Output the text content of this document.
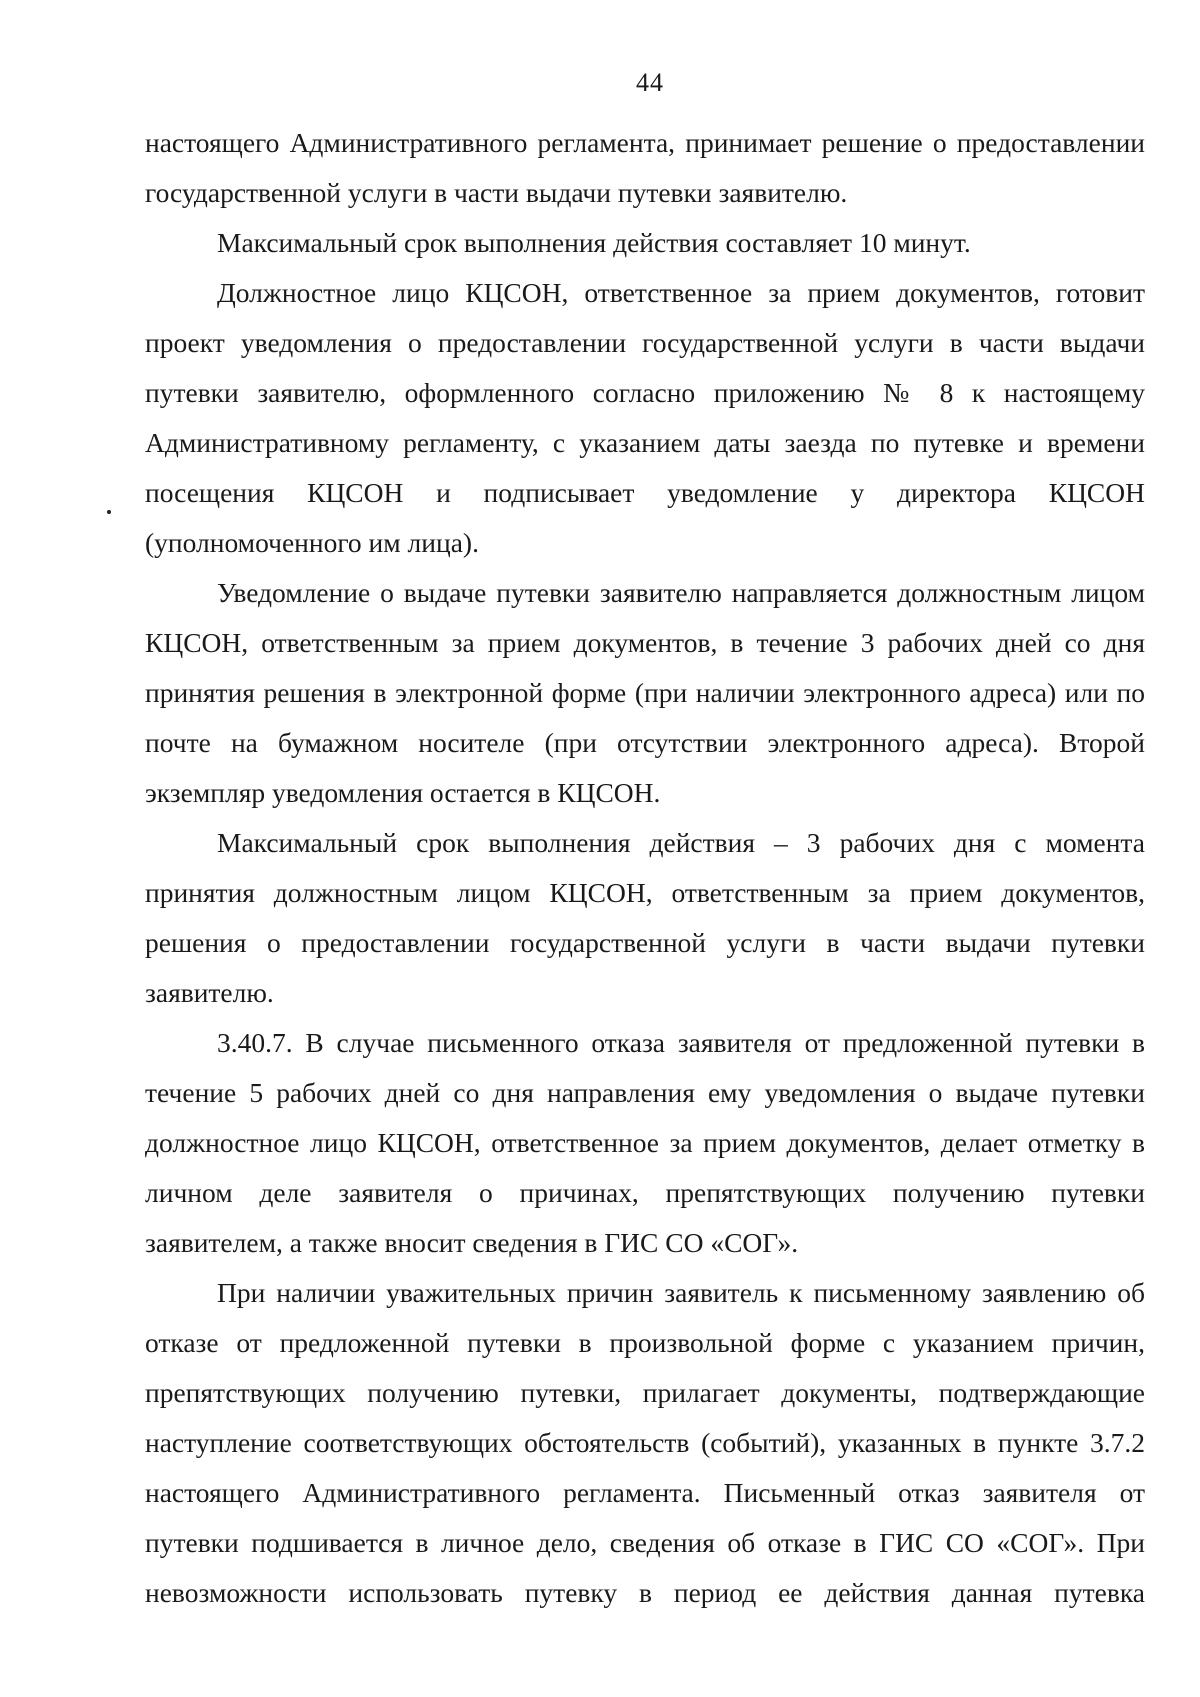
44

настоящего Административного регламента, принимает решение о предоставлении государственной услуги в части выдачи путевки заявителю.

Максимальный срок выполнения действия составляет 10 минут.

Должностное лицо КЦСОН, ответственное за прием документов, готовит проект уведомления о предоставлении государственной услуги в части выдачи путевки заявителю, оформленного согласно приложению № 8 к настоящему Административному регламенту, с указанием даты заезда по путевке и времени посещения КЦСОН и подписывает уведомление у директора КЦСОН (уполномоченного им лица).

Уведомление о выдаче путевки заявителю направляется должностным лицом КЦСОН, ответственным за прием документов, в течение 3 рабочих дней со дня принятия решения в электронной форме (при наличии электронного адреса) или по почте на бумажном носителе (при отсутствии электронного адреса). Второй экземпляр уведомления остается в КЦСОН.

Максимальный срок выполнения действия – 3 рабочих дня с момента принятия должностным лицом КЦСОН, ответственным за прием документов, решения о предоставлении государственной услуги в части выдачи путевки заявителю.

3.40.7. В случае письменного отказа заявителя от предложенной путевки в течение 5 рабочих дней со дня направления ему уведомления о выдаче путевки должностное лицо КЦСОН, ответственное за прием документов, делает отметку в личном деле заявителя о причинах, препятствующих получению путевки заявителем, а также вносит сведения в ГИС СО «СОГ».

При наличии уважительных причин заявитель к письменному заявлению об отказе от предложенной путевки в произвольной форме с указанием причин, препятствующих получению путевки, прилагает документы, подтверждающие наступление соответствующих обстоятельств (событий), указанных в пункте 3.7.2 настоящего Административного регламента. Письменный отказ заявителя от путевки подшивается в личное дело, сведения об отказе в ГИС СО «СОГ». При невозможности использовать путевку в период ее действия данная путевка
